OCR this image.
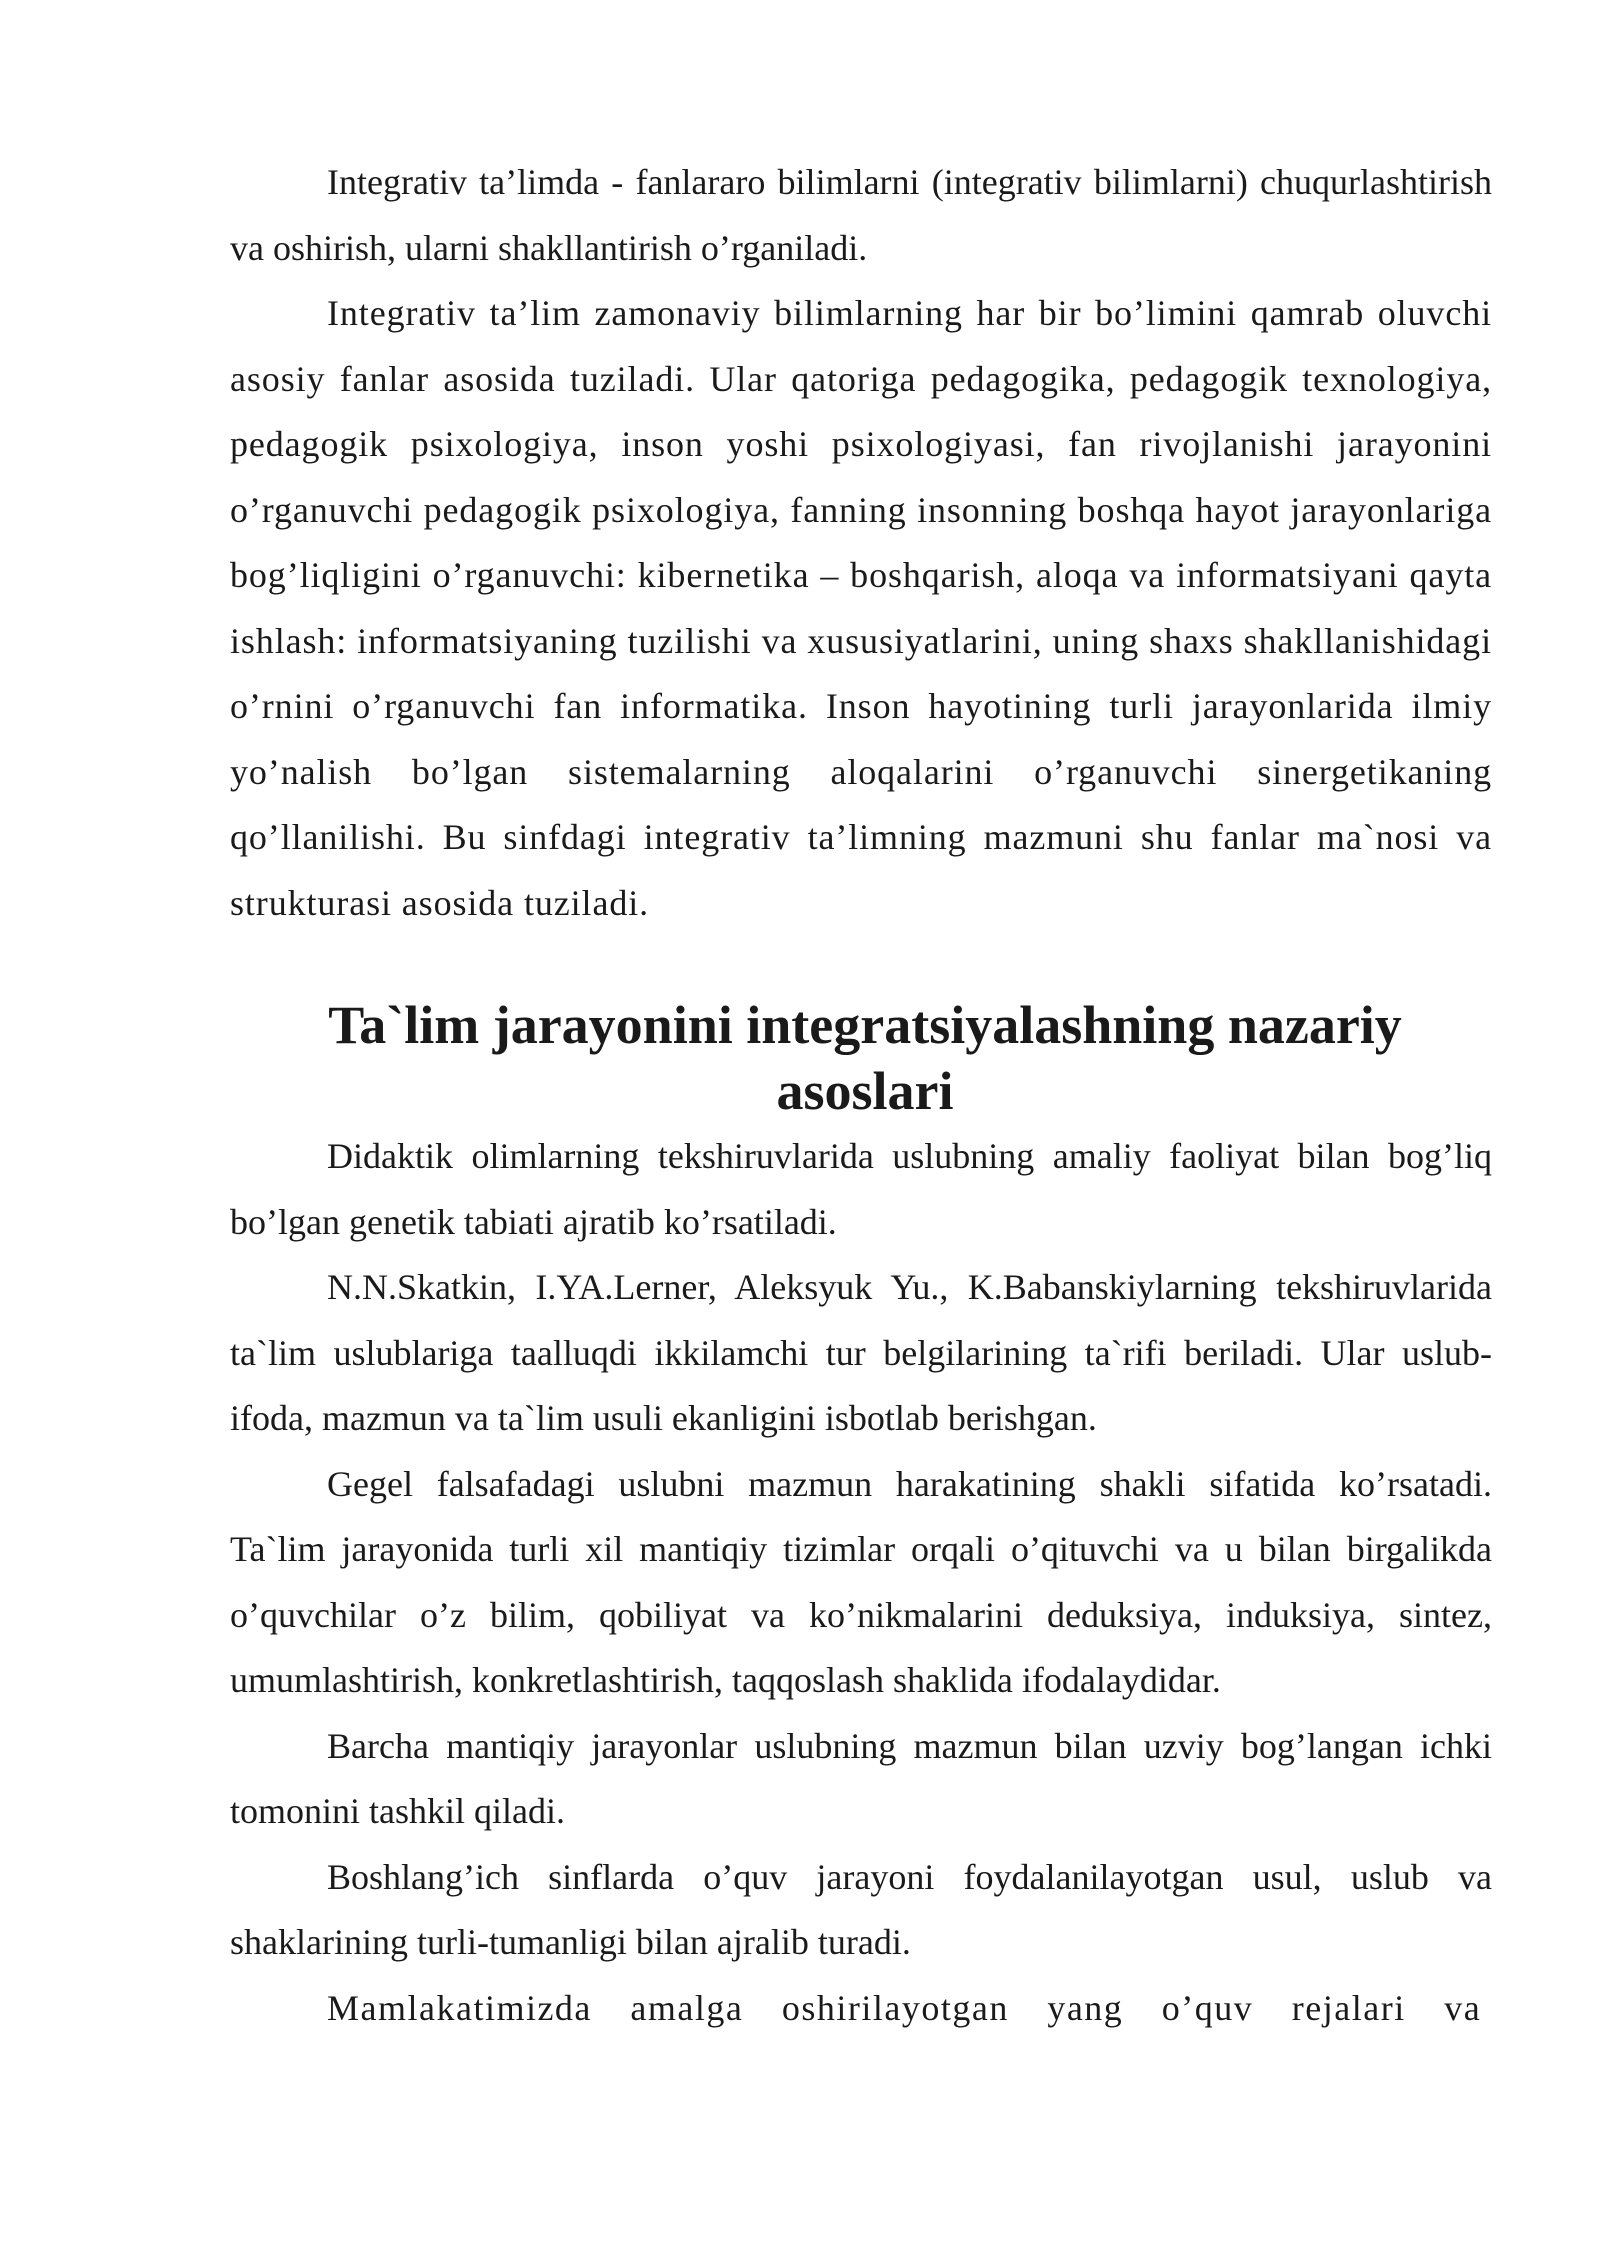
Integrativ ta’limda - fanlararo bilimlarni (integrativ bilimlarni) chuqurlashtirish va oshirish, ularni shakllantirish o’rganiladi.

Integrativ ta’lim zamonaviy bilimlarning har bir bo’limini qamrab oluvchi asosiy fanlar asosida tuziladi. Ular qatoriga pedagogika, pedagogik texnologiya, pedagogik psixologiya, inson yoshi psixologiyasi, fan rivojlanishi jarayonini o’rganuvchi pedagogik psixologiya, fanning insonning boshqa hayot jarayonlariga bog’liqligini o’rganuvchi: kibernetika – boshqarish, aloqa va informatsiyani qayta ishlash: informatsiyaning tuzilishi va xususiyatlarini, uning shaxs shakllanishidagi o’rnini o’rganuvchi fan informatika. Inson hayotining turli jarayonlarida ilmiy yo’nalish bo’lgan sistemalarning aloqalarini o’rganuvchi sinergetikaning qo’llanilishi. Bu sinfdagi integrativ ta’limning mazmuni shu fanlar ma`nosi va strukturasi asosida tuziladi.

Ta`lim jarayonini integratsiyalashning nazariy asoslari

Didaktik olimlarning tekshiruvlarida uslubning amaliy faoliyat bilan bog’liq bo’lgan genetik tabiati ajratib ko’rsatiladi.

N.N.Skatkin, I.YA.Lerner, Aleksyuk Yu., K.Babanskiylarning tekshiruvlarida ta`lim uslublariga taalluqdi ikkilamchi tur belgilarining ta`rifi beriladi. Ular uslub-ifoda, mazmun va ta`lim usuli ekanligini isbotlab berishgan.

Gegel falsafadagi uslubni mazmun harakatining shakli sifatida ko’rsatadi. Ta`lim jarayonida turli xil mantiqiy tizimlar orqali o’qituvchi va u bilan birgalikda o’quvchilar o’z bilim, qobiliyat va ko’nikmalarini deduksiya, induksiya, sintez, umumlashtirish, konkretlashtirish, taqqoslash shaklida ifodalaydidar.

Barcha mantiqiy jarayonlar uslubning mazmun bilan uzviy bog’langan ichki tomonini tashkil qiladi.

Boshlang’ich sinflarda o’quv jarayoni foydalanilayotgan usul, uslub va shaklarining turli-tumanligi bilan ajralib turadi.

Mamlakatimizda amalga oshirilayotgan yang o’quv rejalari va
